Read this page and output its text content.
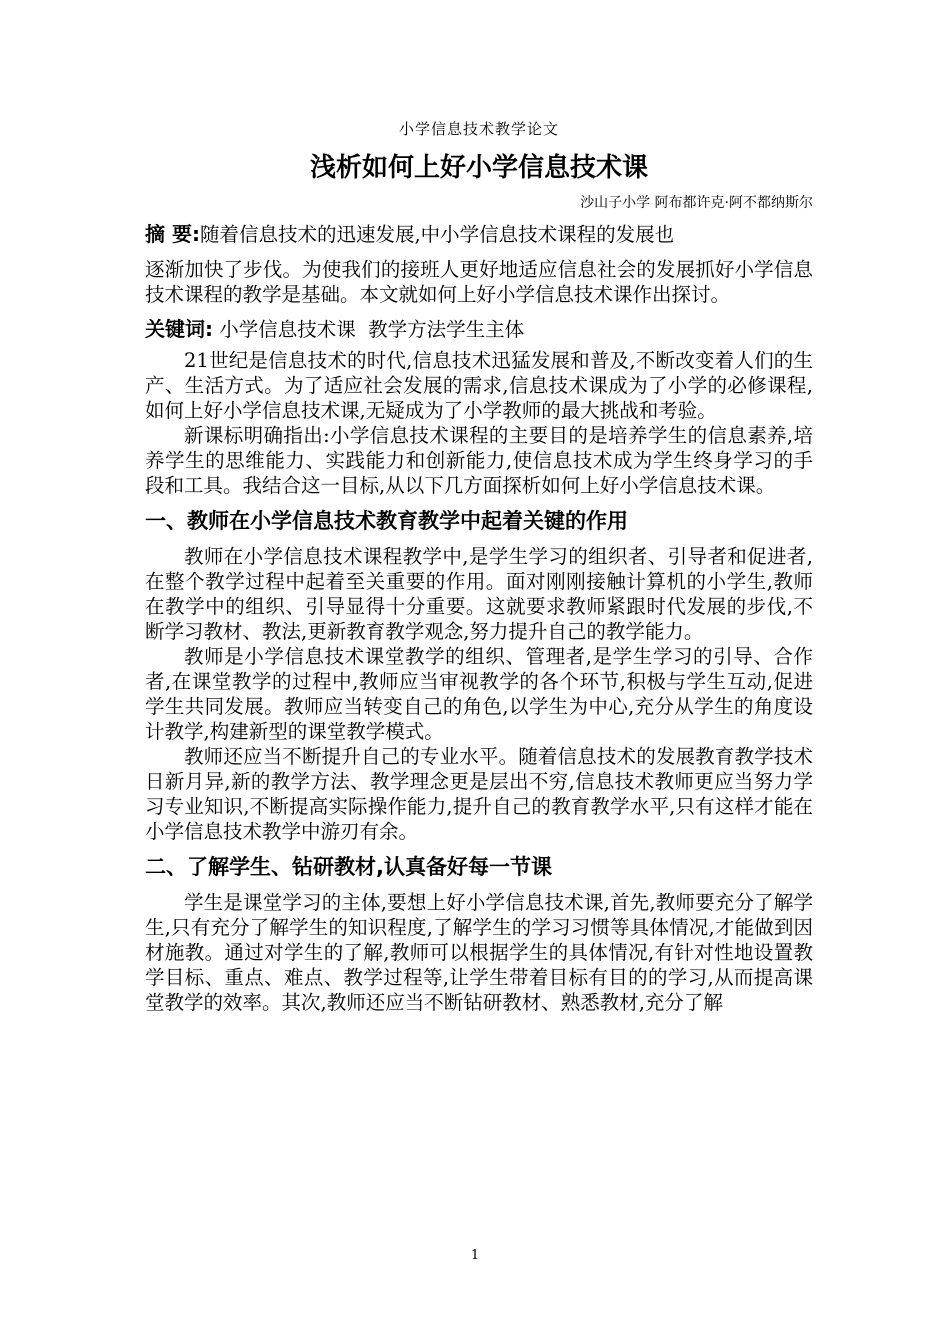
小学信息技术教学论文
浅析如何上好小学信息技术课
沙山子小学 阿布都许克·阿不都纳斯尔
摘 要:随着信息技术的迅速发展,中小学信息技术课程的发展也
逐渐加快了步伐。为使我们的接班人更好地适应信息社会的发展抓好小学信息技术课程的教学是基础。本文就如何上好小学信息技术课作出探讨。
关键词: 小学信息技术课  教学方法学生主体

21世纪是信息技术的时代,信息技术迅猛发展和普及,不断改变着人们的生产、生活方式。为了适应社会发展的需求,信息技术课成为了小学的必修课程,如何上好小学信息技术课,无疑成为了小学教师的最大挑战和考验。

新课标明确指出:小学信息技术课程的主要目的是培养学生的信息素养,培养学生的思维能力、实践能力和创新能力,使信息技术成为学生终身学习的手段和工具。我结合这一目标,从以下几方面探析如何上好小学信息技术课。

一、教师在小学信息技术教育教学中起着关键的作用

教师在小学信息技术课程教学中,是学生学习的组织者、引导者和促进者,在整个教学过程中起着至关重要的作用。面对刚刚接触计算机的小学生,教师在教学中的组织、引导显得十分重要。这就要求教师紧跟时代发展的步伐,不断学习教材、教法,更新教育教学观念,努力提升自己的教学能力。

教师是小学信息技术课堂教学的组织、管理者,是学生学习的引导、合作者,在课堂教学的过程中,教师应当审视教学的各个环节,积极与学生互动,促进学生共同发展。教师应当转变自己的角色,以学生为中心,充分从学生的角度设计教学,构建新型的课堂教学模式。

教师还应当不断提升自己的专业水平。随着信息技术的发展教育教学技术日新月异,新的教学方法、教学理念更是层出不穷,信息技术教师更应当努力学习专业知识,不断提高实际操作能力,提升自己的教育教学水平,只有这样才能在小学信息技术教学中游刃有余。

二、了解学生、钻研教材,认真备好每一节课

学生是课堂学习的主体,要想上好小学信息技术课,首先,教师要充分了解学生,只有充分了解学生的知识程度,了解学生的学习习惯等具体情况,才能做到因材施教。通过对学生的了解,教师可以根据学生的具体情况,有针对性地设置教学目标、重点、难点、教学过程等,让学生带着目标有目的的学习,从而提高课堂教学的效率。其次,教师还应当不断钻研教材、熟悉教材,充分了解

1
